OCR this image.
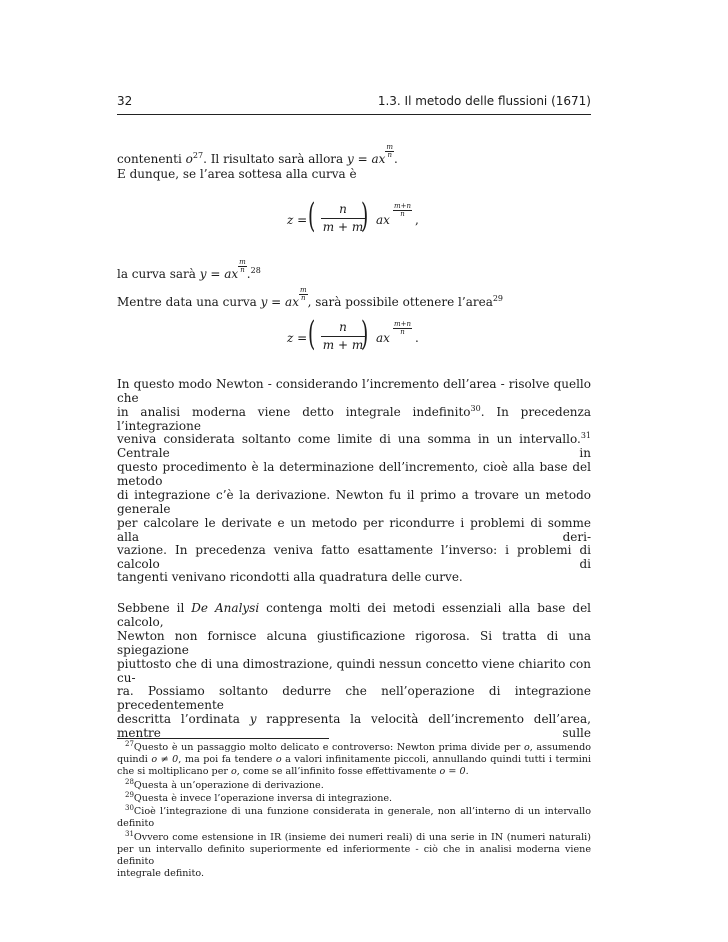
32	1.3. Il metodo delle flussioni (1671)
contenenti $o^{27}$. Il risultato sarà allora y = ax $\frac{m}{n}$ .
E dunque, se l’area sottesa alla curva è
z = (	n
m + m
) ax
$\frac{m+n}{n}$
,
la curva sarà y = ax $\frac{m}{n} .^{28}$
Mentre data una curva y = ax $\frac{m}{n}$ , sarà possibile ottenere l’area$^{29}$
z = (	n
m + m
) ax
$\frac{m+n}{n}$
.
In questo modo Newton - considerando l’incremento dell’area - risolve quello che
in analisi moderna viene detto integrale indefinito$^{30}$. In precedenza l’integrazione
veniva considerata soltanto come limite di una somma in un intervallo.$^{31}$ Centrale in
questo procedimento è la determinazione dell’incremento, cioè alla base del metodo
di integrazione c’è la derivazione. Newton fu il primo a trovare un metodo generale
per calcolare le derivate e un metodo per ricondurre i problemi di somme alla deri-
vazione. In precedenza veniva fatto esattamente l’inverso: i problemi di calcolo di
tangenti venivano ricondotti alla quadratura delle curve.
Sebbene il De Analysi contenga molti dei metodi essenziali alla base del calcolo,
Newton non fornisce alcuna giustificazione rigorosa. Si tratta di una spiegazione
piuttosto che di una dimostrazione, quindi nessun concetto viene chiarito con cu-
ra. Possiamo soltanto dedurre che nell’operazione di integrazione precedentemente
descritta l’ordinata y rappresenta la velocità dell’incremento dell’area, mentre sulle
$^{27}$Questo è un passaggio molto delicato e controverso: Newton prima divide per o, assumendo
quindi o ≠ 0, ma poi fa tendere o a valori infinitamente piccoli, annullando quindi tutti i termini
che si moltiplicano per o, come se all’infinito fosse effettivamente o = 0.
$^{28}$Questa à un’operazione di derivazione.
$^{29}$Questa è invece l’operazione inversa di integrazione.
$^{30}$Cioè l’integrazione di una funzione considerata in generale, non all’interno di un intervallo
definito
$^{31}$Ovvero come estensione in IR (insieme dei numeri reali) di una serie in IN (numeri naturali)
per un intervallo definito superiormente ed inferiormente - ciò che in analisi moderna viene definito
integrale definito.
